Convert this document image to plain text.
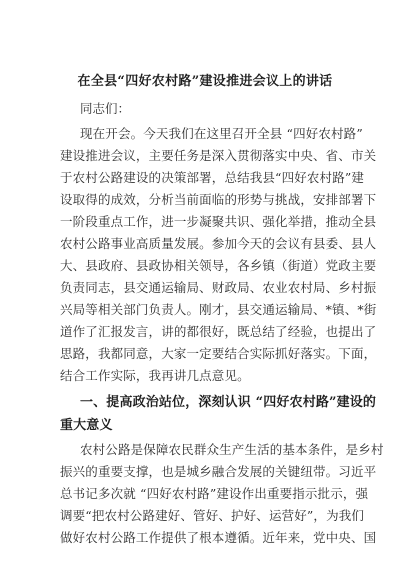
在全县“四好农村路”建设推进会议上的讲话
同志们：
现在开会。今天我们在这里召开全县 “四好农村路”
建设推进会议，主要任务是深入贯彻落实中央、省、市关
于农村公路建设的决策部署，总结我县“四好农村路”建
设取得的成效，分析当前面临的形势与挑战，安排部署下
一阶段重点工作，进一步凝聚共识、强化举措，推动全县
农村公路事业高质量发展。参加今天的会议有县委、县人
大、县政府、县政协相关领导，各乡镇（街道）党政主要
负责同志，县交通运输局、财政局、农业农村局、乡村振
兴局等相关部门负责人。刚才，县交通运输局、*镇、*街
道作了汇报发言，讲的都很好，既总结了经验，也提出了
思路，我都同意，大家一定要结合实际抓好落实。下面，
结合工作实际，我再讲几点意见。
一、提高政治站位，深刻认识 “四好农村路”建设的
重大意义
农村公路是保障农民群众生产生活的基本条件，是乡村
振兴的重要支撑，也是城乡融合发展的关键纽带。习近平
总书记多次就 “四好农村路”建设作出重要指示批示，强
调要“把农村公路建好、管好、护好、运营好”，为我们
做好农村公路工作提供了根本遵循。近年来，党中央、国
